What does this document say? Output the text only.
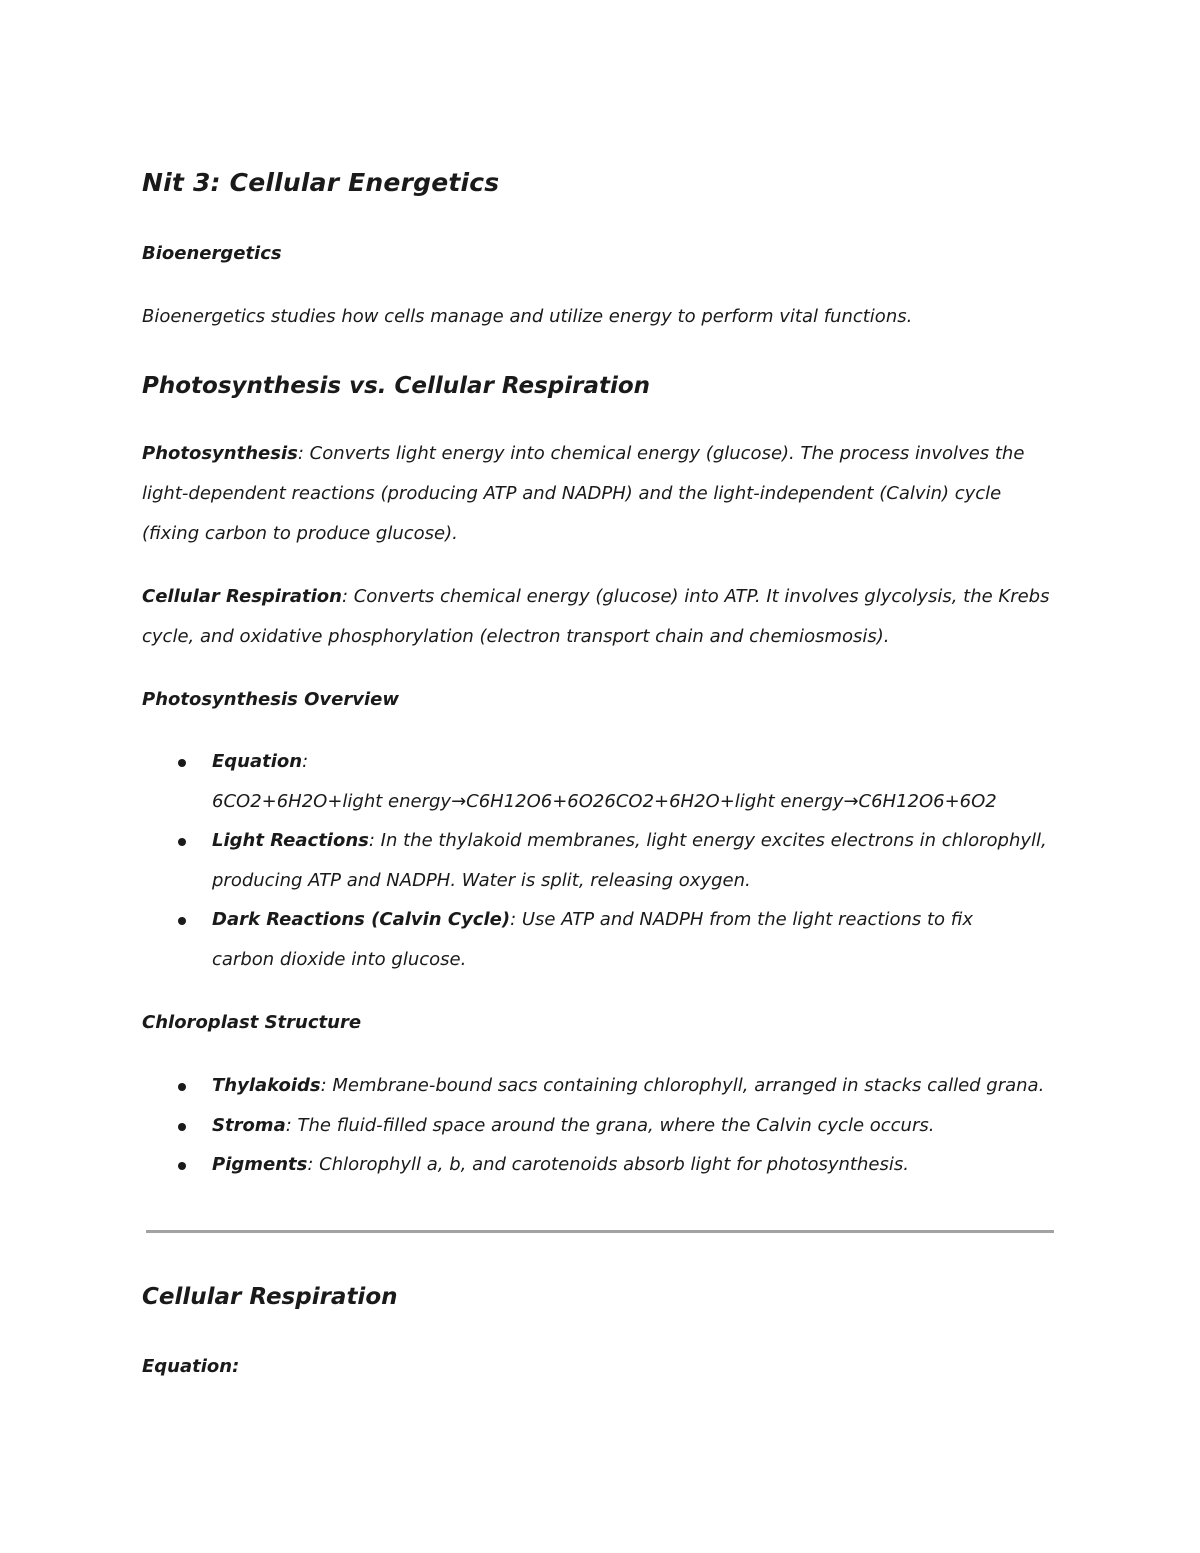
Nit 3: Cellular Energetics
Bioenergetics
Bioenergetics studies how cells manage and utilize energy to perform vital functions.
Photosynthesis vs. Cellular Respiration
Photosynthesis: Converts light energy into chemical energy (glucose). The process involves the light-dependent reactions (producing ATP and NADPH) and the light-independent (Calvin) cycle (fixing carbon to produce glucose).
Cellular Respiration: Converts chemical energy (glucose) into ATP. It involves glycolysis, the Krebs cycle, and oxidative phosphorylation (electron transport chain and chemiosmosis).
Photosynthesis Overview
Equation:
6CO2+6H2O+light energy→C6H12O6+6O26CO2+6H2O+light energy→C6H12O6+6O2
Light Reactions: In the thylakoid membranes, light energy excites electrons in chlorophyll, producing ATP and NADPH. Water is split, releasing oxygen.
Dark Reactions (Calvin Cycle): Use ATP and NADPH from the light reactions to fix carbon dioxide into glucose.
Chloroplast Structure
Thylakoids: Membrane-bound sacs containing chlorophyll, arranged in stacks called grana.
Stroma: The fluid-filled space around the grana, where the Calvin cycle occurs.
Pigments: Chlorophyll a, b, and carotenoids absorb light for photosynthesis.
Cellular Respiration
Equation:
